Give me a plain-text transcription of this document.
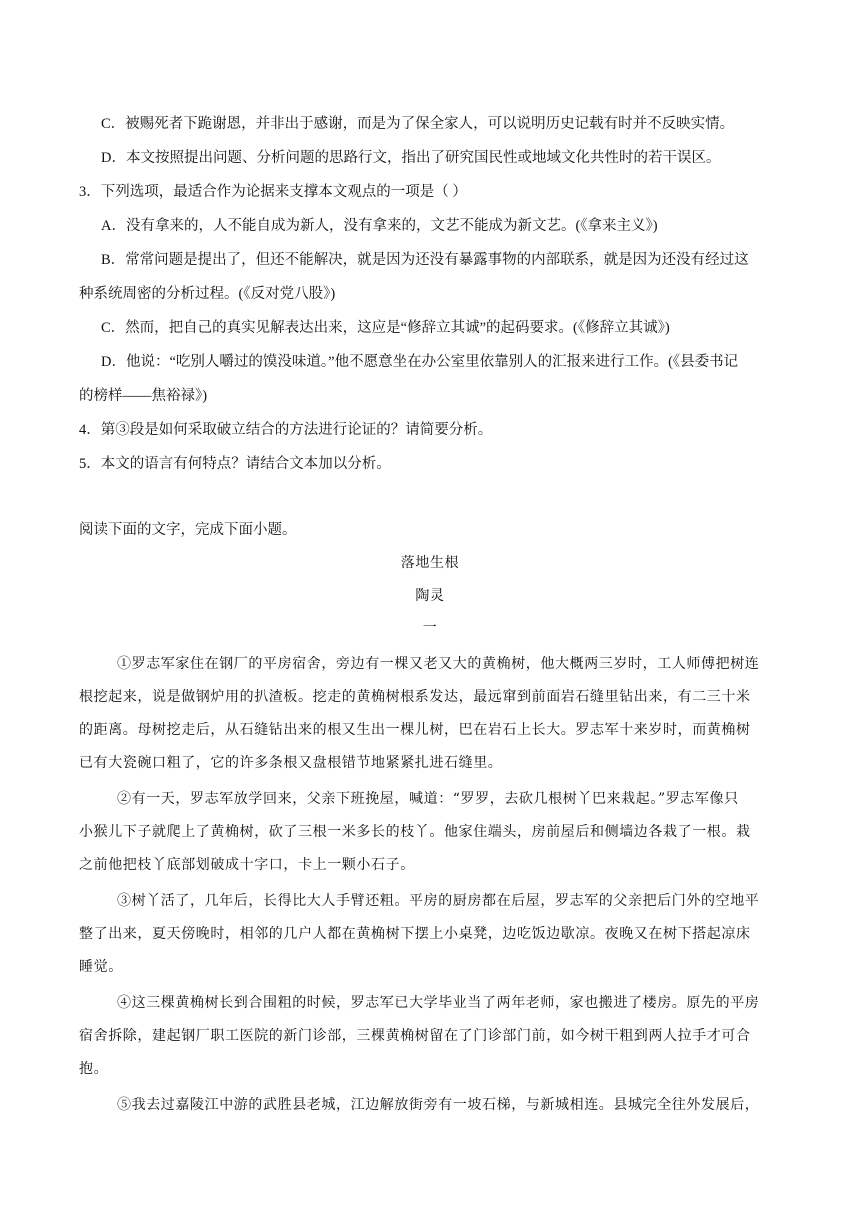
C．被赐死者下跪谢恩，并非出于感谢，而是为了保全家人，可以说明历史记载有时并不反映实情。
D．本文按照提出问题、分析问题的思路行文，指出了研究国民性或地域文化共性时的若干误区。
3．下列选项，最适合作为论据来支撑本文观点的一项是（ ）
A．没有拿来的，人不能自成为新人，没有拿来的，文艺不能成为新文艺。(《拿来主义》)
B．常常问题是提出了，但还不能解决，就是因为还没有暴露事物的内部联系，就是因为还没有经过这
种系统周密的分析过程。(《反对党八股》)
C．然而，把自己的真实见解表达出来，这应是“修辞立其诚”的起码要求。(《修辞立其诚》)
D．他说：“吃别人嚼过的馍没味道。”他不愿意坐在办公室里依靠别人的汇报来进行工作。(《县委书记
的榜样——焦裕禄》)
4．第③段是如何采取破立结合的方法进行论证的？请简要分析。
5．本文的语言有何特点？请结合文本加以分析。
阅读下面的文字，完成下面小题。
落地生根
陶灵
一
①罗志军家住在钢厂的平房宿舍，旁边有一棵又老又大的黄桷树，他大概两三岁时，工人师傅把树连
根挖起来，说是做钢炉用的扒渣板。挖走的黄桷树根系发达，最远窜到前面岩石缝里钻出来，有二三十米
的距离。母树挖走后，从石缝钻出来的根又生出一棵儿树，巴在岩石上长大。罗志军十来岁时，而黄桷树
已有大瓷碗口粗了，它的许多条根又盘根错节地紧紧扎进石缝里。
②有一天，罗志军放学回来，父亲下班挽屋，喊道：“罗罗，去砍几根树丫巴来栽起。”罗志军像只
小猴儿下子就爬上了黄桷树，砍了三根一米多长的枝丫。他家住端头，房前屋后和侧墙边各栽了一根。栽
之前他把枝丫底部划破成十字口，卡上一颗小石子。
③树丫活了，几年后，长得比大人手臂还粗。平房的厨房都在后屋，罗志军的父亲把后门外的空地平
整了出来，夏天傍晚时，相邻的几户人都在黄桷树下摆上小桌凳，边吃饭边歇凉。夜晚又在树下搭起凉床
睡觉。
④这三棵黄桷树长到合围粗的时候，罗志军已大学毕业当了两年老师，家也搬进了楼房。原先的平房
宿舍拆除，建起钢厂职工医院的新门诊部，三棵黄桷树留在了门诊部门前，如今树干粗到两人拉手才可合
抱。
⑤我去过嘉陵江中游的武胜县老城，江边解放街旁有一坡石梯，与新城相连。县城完全往外发展后，
